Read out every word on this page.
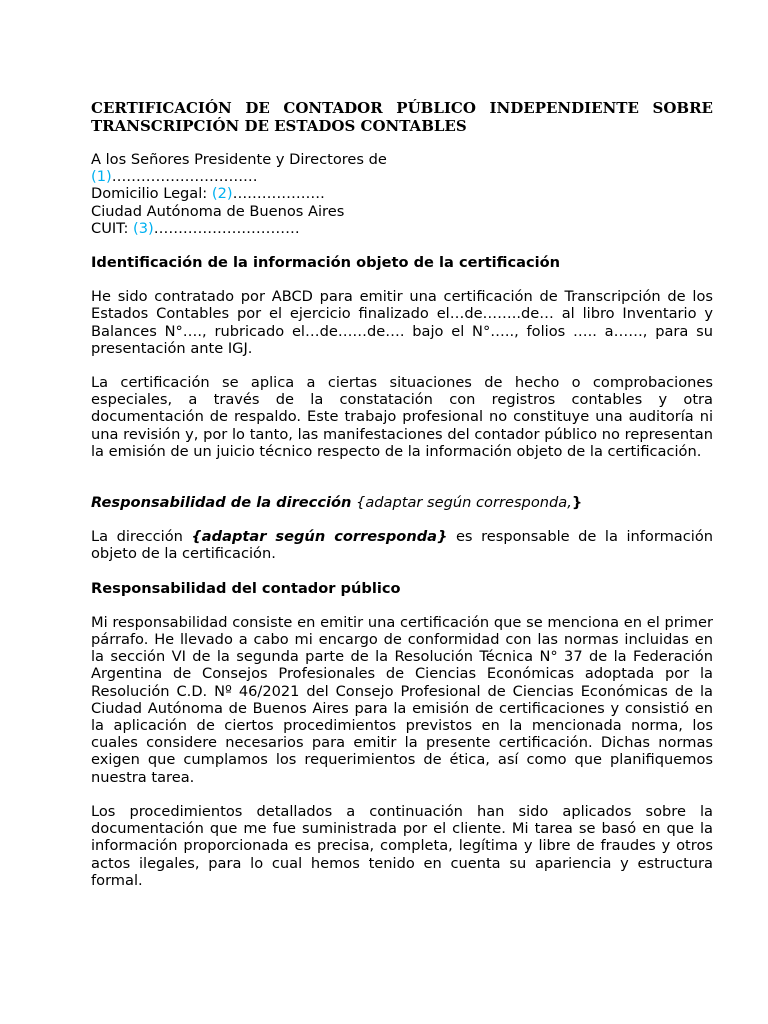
CERTIFICACIÓN DE CONTADOR PÚBLICO INDEPENDIENTE SOBRE
TRANSCRIPCIÓN DE ESTADOS CONTABLES

A los Señores Presidente y Directores de

(1)…………………………

Domicilio Legal: (2)……………….

Ciudad Autónoma de Buenos Aires

CUIT: (3)…………………………

Identificación de la información objeto de la certificación

He sido contratado por ABCD para emitir una certificación de Transcripción de los Estados Contables por el ejercicio finalizado el…de……..de… al libro Inventario y Balances N°…., rubricado el…de……de…. bajo el N°….., folios ….. a……, para su presentación ante IGJ.

La certificación se aplica a ciertas situaciones de hecho o comprobaciones especiales, a través de la constatación con registros contables y otra documentación de respaldo. Este trabajo profesional no constituye una auditoría ni una revisión y, por lo tanto, las manifestaciones del contador público no representan la emisión de un juicio técnico respecto de la información objeto de la certificación.

Responsabilidad de la dirección {adaptar según corresponda,}

La dirección {adaptar según corresponda} es responsable de la información objeto de la certificación.

Responsabilidad del contador público

Mi responsabilidad consiste en emitir una certificación que se menciona en el primer párrafo. He llevado a cabo mi encargo de conformidad con las normas incluidas en la sección VI de la segunda parte de la Resolución Técnica N° 37 de la Federación Argentina de Consejos Profesionales de Ciencias Económicas adoptada por la Resolución C.D. Nº 46/2021 del Consejo Profesional de Ciencias Económicas de la Ciudad Autónoma de Buenos Aires para la emisión de certificaciones y consistió en la aplicación de ciertos procedimientos previstos en la mencionada norma, los cuales considere necesarios para emitir la presente certificación. Dichas normas exigen que cumplamos los requerimientos de ética, así como que planifiquemos nuestra tarea.

Los procedimientos detallados a continuación han sido aplicados sobre la documentación que me fue suministrada por el cliente. Mi tarea se basó en que la información proporcionada es precisa, completa, legítima y libre de fraudes y otros actos ilegales, para lo cual hemos tenido en cuenta su apariencia y estructura formal.
